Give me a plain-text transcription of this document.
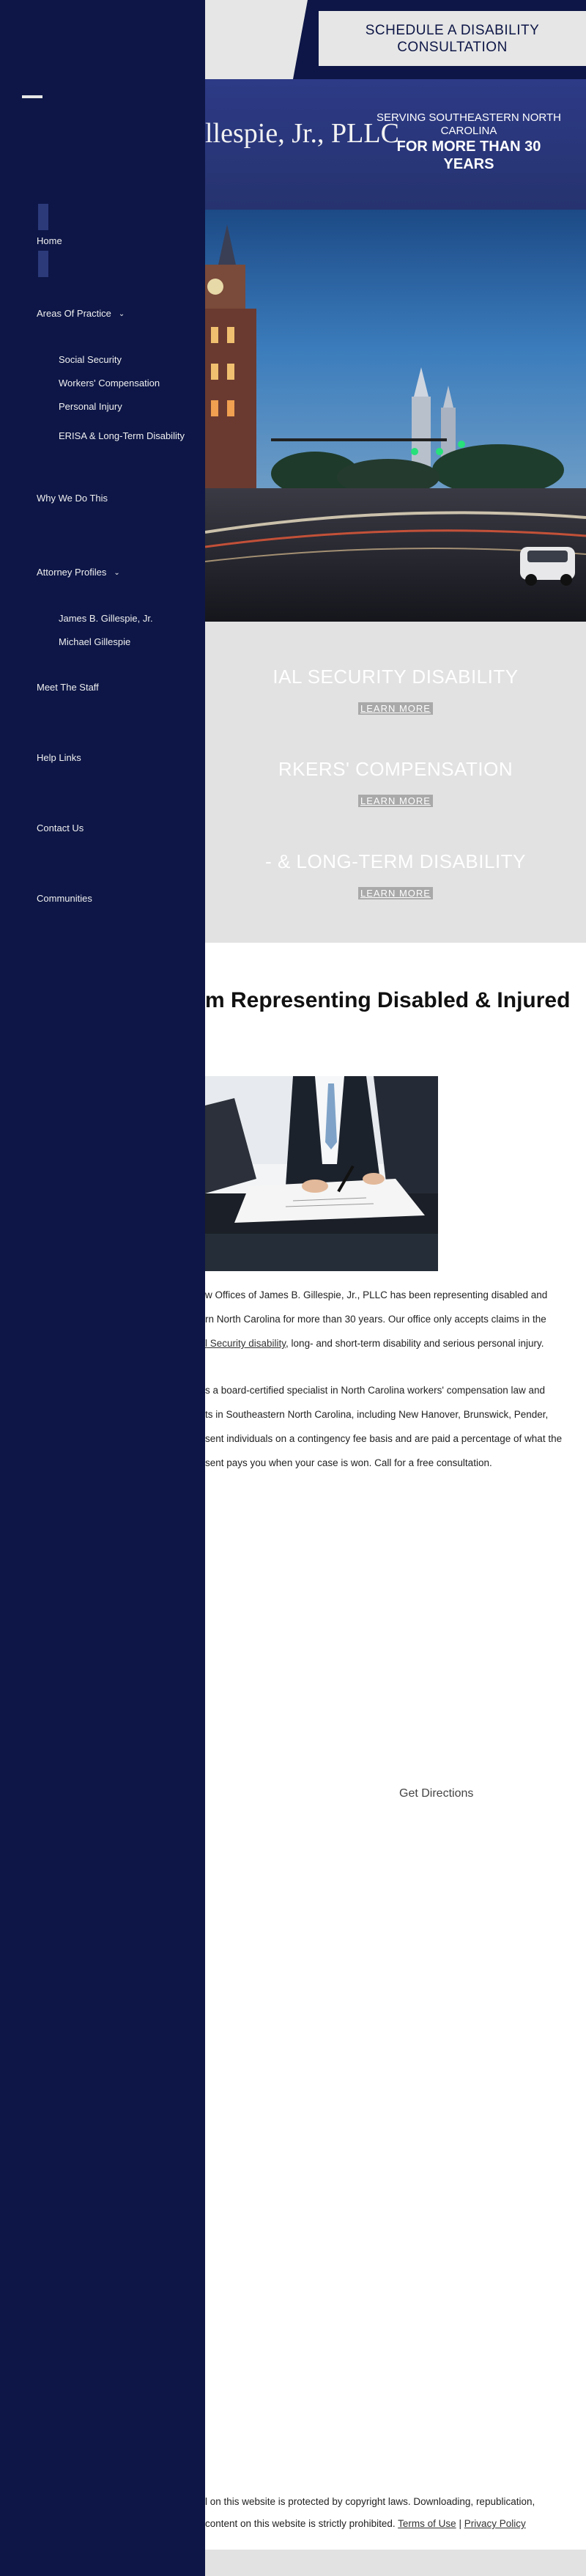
SCHEDULE A DISABILITY CONSULTATION
llespie, Jr., PLLC
SERVING SOUTHEASTERN NORTH CAROLINA
FOR MORE THAN 30 YEARS
IAL SECURITY DISABILITY
LEARN MORE
RKERS' COMPENSATION
LEARN MORE
- & LONG-TERM DISABILITY
LEARN MORE
m Representing Disabled & Injured
w Offices of James B. Gillespie, Jr., PLLC has been representing disabled and
rn North Carolina for more than 30 years. Our office only accepts claims in the
l Security disability, long- and short-term disability and serious personal injury.
s a board-certified specialist in North Carolina workers' compensation law and
ts in Southeastern North Carolina, including New Hanover, Brunswick, Pender,
sent individuals on a contingency fee basis and are paid a percentage of what the
sent pays you when your case is won. Call for a free consultation.
Get Directions
l on this website is protected by copyright laws. Downloading, republication,
content on this website is strictly prohibited. Terms of Use | Privacy Policy
Home
Areas Of Practice ⌄
Social Security
Workers' Compensation
Personal Injury
ERISA & Long-Term Disability
Why We Do This
Attorney Profiles ⌄
James B. Gillespie, Jr.
Michael Gillespie
Meet The Staff
Help Links
Contact Us
Communities
